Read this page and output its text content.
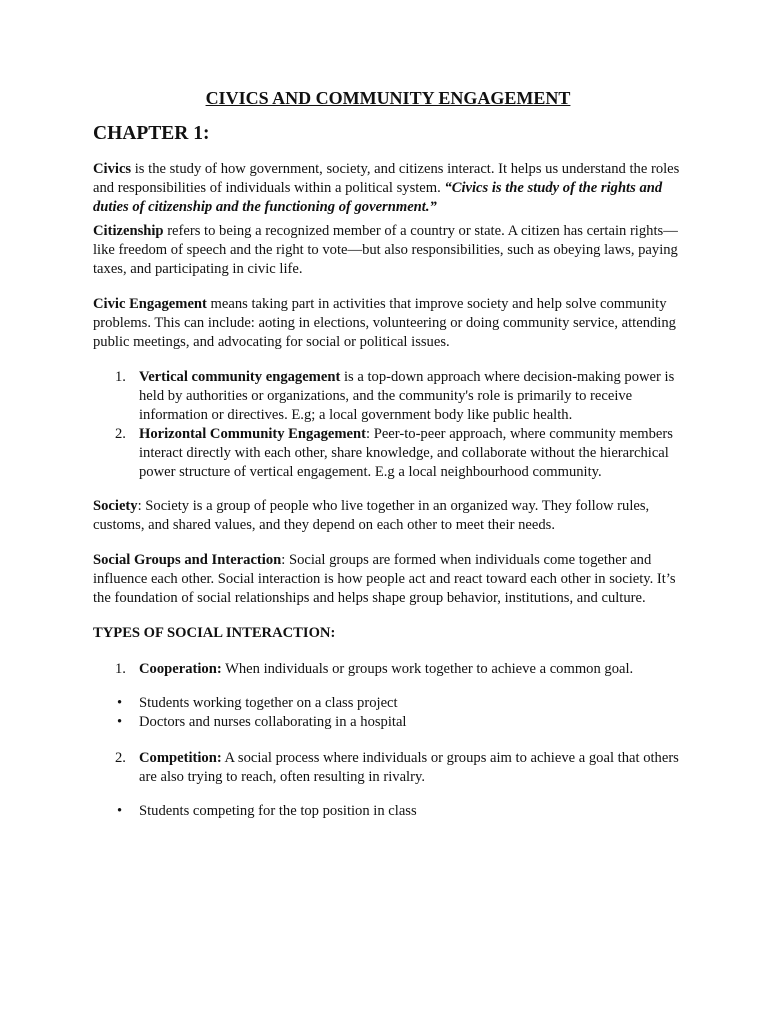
CIVICS AND COMMUNITY ENGAGEMENT
CHAPTER 1:

Civics is the study of how government, society, and citizens interact. It helps us understand the roles and responsibilities of individuals within a political system. “Civics is the study of the rights and duties of citizenship and the functioning of government.”

Citizenship refers to being a recognized member of a country or state. A citizen has certain rights—like freedom of speech and the right to vote—but also responsibilities, such as obeying laws, paying taxes, and participating in civic life.

Civic Engagement means taking part in activities that improve society and help solve community problems. This can include: aoting in elections, volunteering or doing community service, attending public meetings, and advocating for social or political issues.

1. Vertical community engagement is a top-down approach where decision-making power is held by authorities or organizations, and the community's role is primarily to receive information or directives. E.g; a local government body like public health.
2. Horizontal Community Engagement: Peer-to-peer approach, where community members interact directly with each other, share knowledge, and collaborate without the hierarchical power structure of vertical engagement. E.g a local neighbourhood community.

Society: Society is a group of people who live together in an organized way. They follow rules, customs, and shared values, and they depend on each other to meet their needs.

Social Groups and Interaction: Social groups are formed when individuals come together and influence each other. Social interaction is how people act and react toward each other in society. It’s the foundation of social relationships and helps shape group behavior, institutions, and culture.

TYPES OF SOCIAL INTERACTION:

1. Cooperation: When individuals or groups work together to achieve a common goal.
• Students working together on a class project
• Doctors and nurses collaborating in a hospital
2. Competition: A social process where individuals or groups aim to achieve a goal that others are also trying to reach, often resulting in rivalry.
• Students competing for the top position in class
